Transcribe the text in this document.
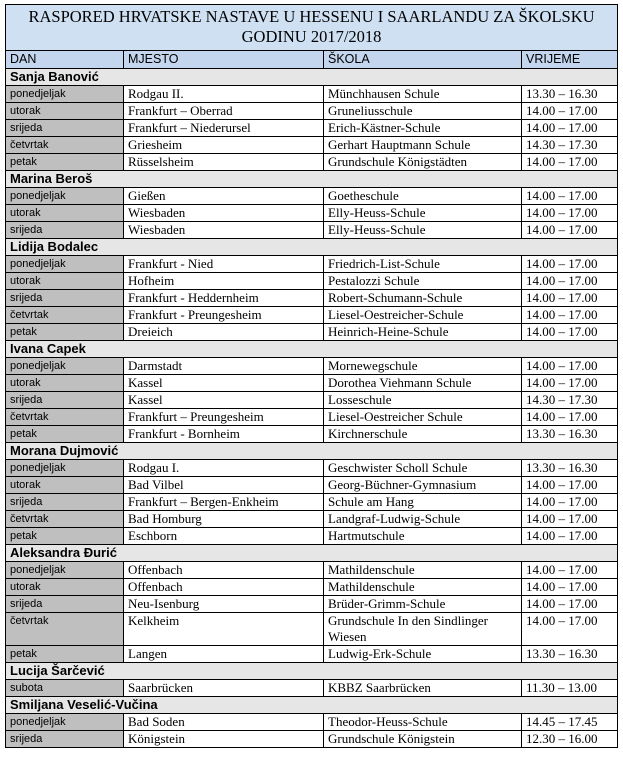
RASPORED HRVATSKE NASTAVE U HESSENU I SAARLANDU ZA ŠKOLSKU GODINU 2017/2018			
DAN	MJESTO	ŠKOLA	VRIJEME
Sanja Banović			
ponedjeljak	Rodgau II.	Münchhausen Schule	13.30 – 16.30
utorak	Frankfurt – Oberrad	Gruneliusschule	14.00 – 17.00
srijeda	Frankfurt – Niederursel	Erich-Kästner-Schule	14.00 – 17.00
četvrtak	Griesheim	Gerhart Hauptmann Schule	14.30 – 17.30
petak	Rüsselsheim	Grundschule Königstädten	14.00 – 17.00
Marina Beroš			
ponedjeljak	Gießen	Goetheschule	14.00 – 17.00
utorak	Wiesbaden	Elly-Heuss-Schule	14.00 – 17.00
srijeda	Wiesbaden	Elly-Heuss-Schule	14.00 – 17.00
Lidija Bodalec			
ponedjeljak	Frankfurt - Nied	Friedrich-List-Schule	14.00 – 17.00
utorak	Hofheim	Pestalozzi Schule	14.00 – 17.00
srijeda	Frankfurt - Heddernheim	Robert-Schumann-Schule	14.00 – 17.00
četvrtak	Frankfurt - Preungesheim	Liesel-Oestreicher-Schule	14.00 – 17.00
petak	Dreieich	Heinrich-Heine-Schule	14.00 – 17.00
Ivana Capek			
ponedjeljak	Darmstadt	Mornewegschule	14.00 – 17.00
utorak	Kassel	Dorothea Viehmann Schule	14.00 – 17.00
srijeda	Kassel	Losseschule	14.30 – 17.30
četvrtak	Frankfurt – Preungesheim	Liesel-Oestreicher Schule	14.00 – 17.00
petak	Frankfurt - Bornheim	Kirchnerschule	13.30 – 16.30
Morana Dujmović			
ponedjeljak	Rodgau I.	Geschwister Scholl Schule	13.30 – 16.30
utorak	Bad Vilbel	Georg-Büchner-Gymnasium	14.00 – 17.00
srijeda	Frankfurt – Bergen-Enkheim	Schule am Hang	14.00 – 17.00
četvrtak	Bad Homburg	Landgraf-Ludwig-Schule	14.00 – 17.00
petak	Eschborn	Hartmutschule	14.00 – 17.00
Aleksandra Đurić			
ponedjeljak	Offenbach	Mathildenschule	14.00 – 17.00
utorak	Offenbach	Mathildenschule	14.00 – 17.00
srijeda	Neu-Isenburg	Brüder-Grimm-Schule	14.00 – 17.00
četvrtak	Kelkheim	Grundschule In den Sindlinger Wiesen	14.00 – 17.00
petak	Langen	Ludwig-Erk-Schule	13.30 – 16.30
Lucija Šarčević			
subota	Saarbrücken	KBBZ Saarbrücken	11.30 – 13.00
Smiljana Veselić-Vučina			
ponedjeljak	Bad Soden	Theodor-Heuss-Schule	14.45 – 17.45
srijeda	Königstein	Grundschule Königstein	12.30 – 16.00
